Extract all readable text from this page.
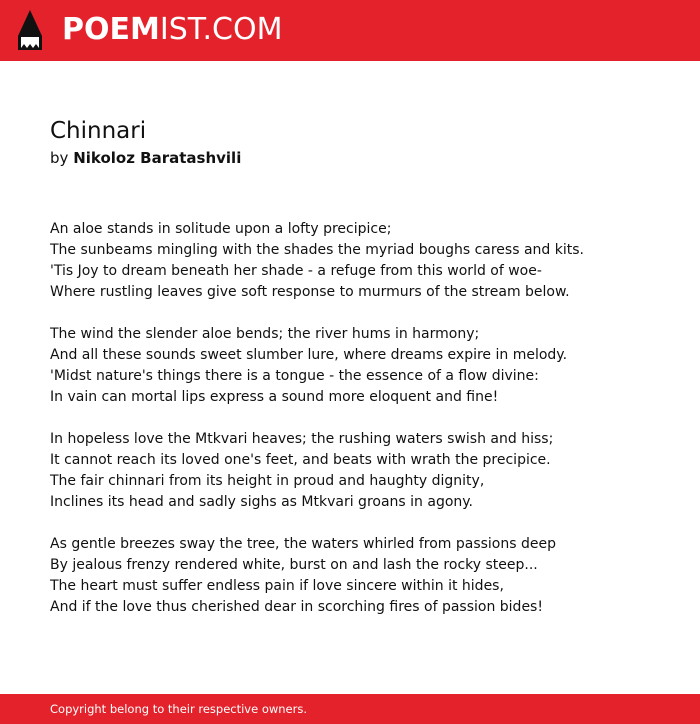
POEMIST.COM
Chinnari
by Nikoloz Baratashvili
An aloe stands in solitude upon a lofty precipice;
The sunbeams mingling with the shades the myriad boughs caress and kits.
'Tis Joy to dream beneath her shade - a refuge from this world of woe-
Where rustling leaves give soft response to murmurs of the stream below.
The wind the slender aloe bends; the river hums in harmony;
And all these sounds sweet slumber lure, where dreams expire in melody.
'Midst nature's things there is a tongue - the essence of a flow divine:
In vain can mortal lips express a sound more eloquent and fine!
In hopeless love the Mtkvari heaves; the rushing waters swish and hiss;
It cannot reach its loved one's feet, and beats with wrath the precipice.
The fair chinnari from its height in proud and haughty dignity,
Inclines its head and sadly sighs as Mtkvari groans in agony.
As gentle breezes sway the tree, the waters whirled from passions deep
By jealous frenzy rendered white, burst on and lash the rocky steep...
The heart must suffer endless pain if love sincere within it hides,
And if the love thus cherished dear in scorching fires of passion bides!
Copyright belong to their respective owners.
